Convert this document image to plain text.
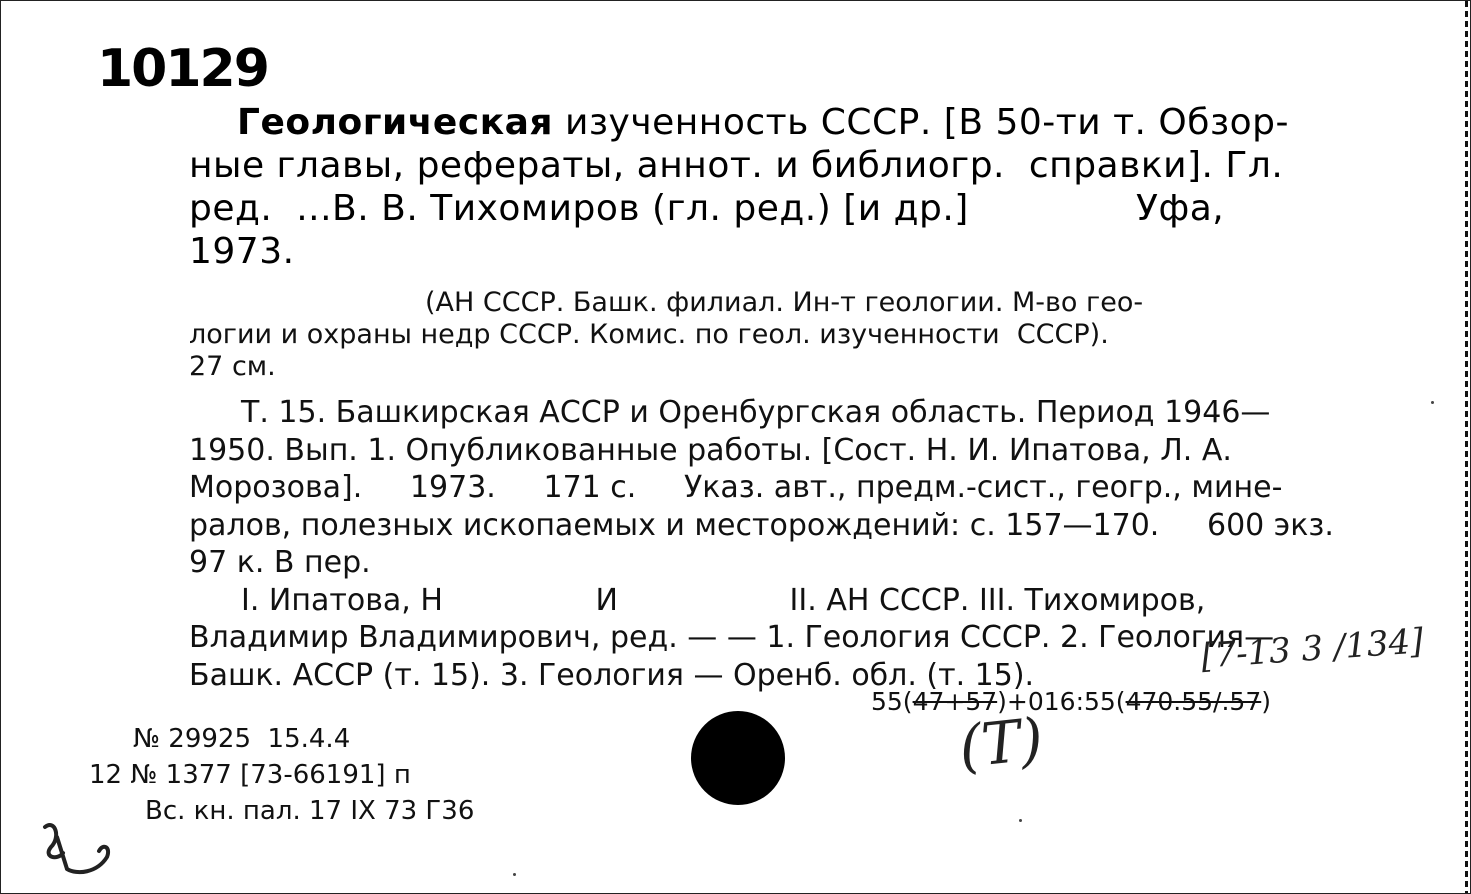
10129
Геологическая изученность СССР. [В 50-ти т. Обзор-
ные главы, рефераты, аннот. и библиогр.  справки]. Гл.
ред.  ...В. В. Тихомиров (гл. ред.) [и др.]              Уфа,
1973.
(АН СССР. Башк. филиал. Ин-т геологии. М-во гео-
логии и охраны недр СССР. Комис. по геол. изученности  СССР).
27 см.
Т. 15. Башкирская АССР и Оренбургская область. Период 1946—
1950. Вып. 1. Опубликованные работы. [Сост. Н. И. Ипатова, Л. А.
Морозова].     1973.     171 с.     Указ. авт., предм.-сист., геогр., мине-
ралов, полезных ископаемых и месторождений: с. 157—170.     600 экз.
97 к. В пер.
I. Ипатова, Н                И                  II. АН СССР. III. Тихомиров,
Владимир Владимирович, ред. — — 1. Геология СССР. 2. Геология—
Башк. АССР (т. 15). 3. Геология — Оренб. обл. (т. 15).
55(47+57)+016:55(470.55/.57)
[7-13 3 /134]
(Т)
№ 29925  15.4.4
12 № 1377 [73-66191] п
Вс. кн. пал. 17 IX 73 Г36
